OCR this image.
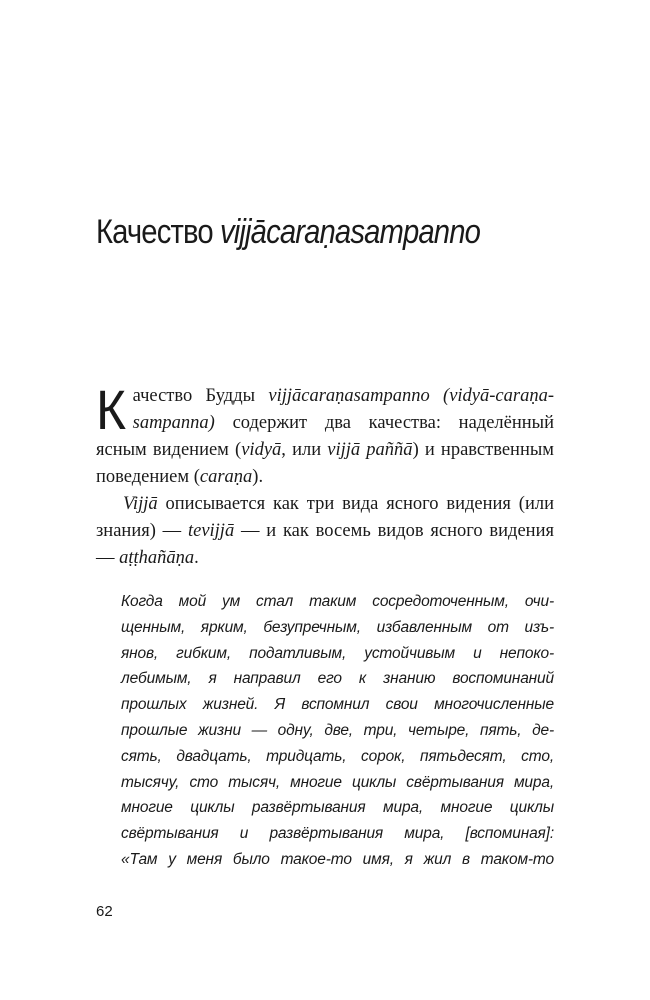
Качество vijjācaraṇasampanno

Качество Будды vijjācaraṇasampanno (vidyā-caraṇa-sampanna) содержит два качества: наделённый ясным видением (vidyā, или vijjā paññā) и нравственным поведением (caraṇa).

Vijjā описывается как три вида ясного видения (или знания) — tevijjā — и как восемь видов ясного видения — aṭṭhañāṇa.

Когда мой ум стал таким сосредоточенным, очи-
щенным, ярким, безупречным, избавленным от изъ-
янов, гибким, податливым, устойчивым и непоко-
лебимым, я направил его к знанию воспоминаний
прошлых жизней. Я вспомнил свои многочисленные
прошлые жизни — одну, две, три, четыре, пять, де-
сять, двадцать, тридцать, сорок, пятьдесят, сто,
тысячу, сто тысяч, многие циклы свёртывания мира,
многие циклы развёртывания мира, многие циклы
свёртывания и развёртывания мира, [вспоминая]:
«Там у меня было такое-то имя, я жил в таком-то
62
